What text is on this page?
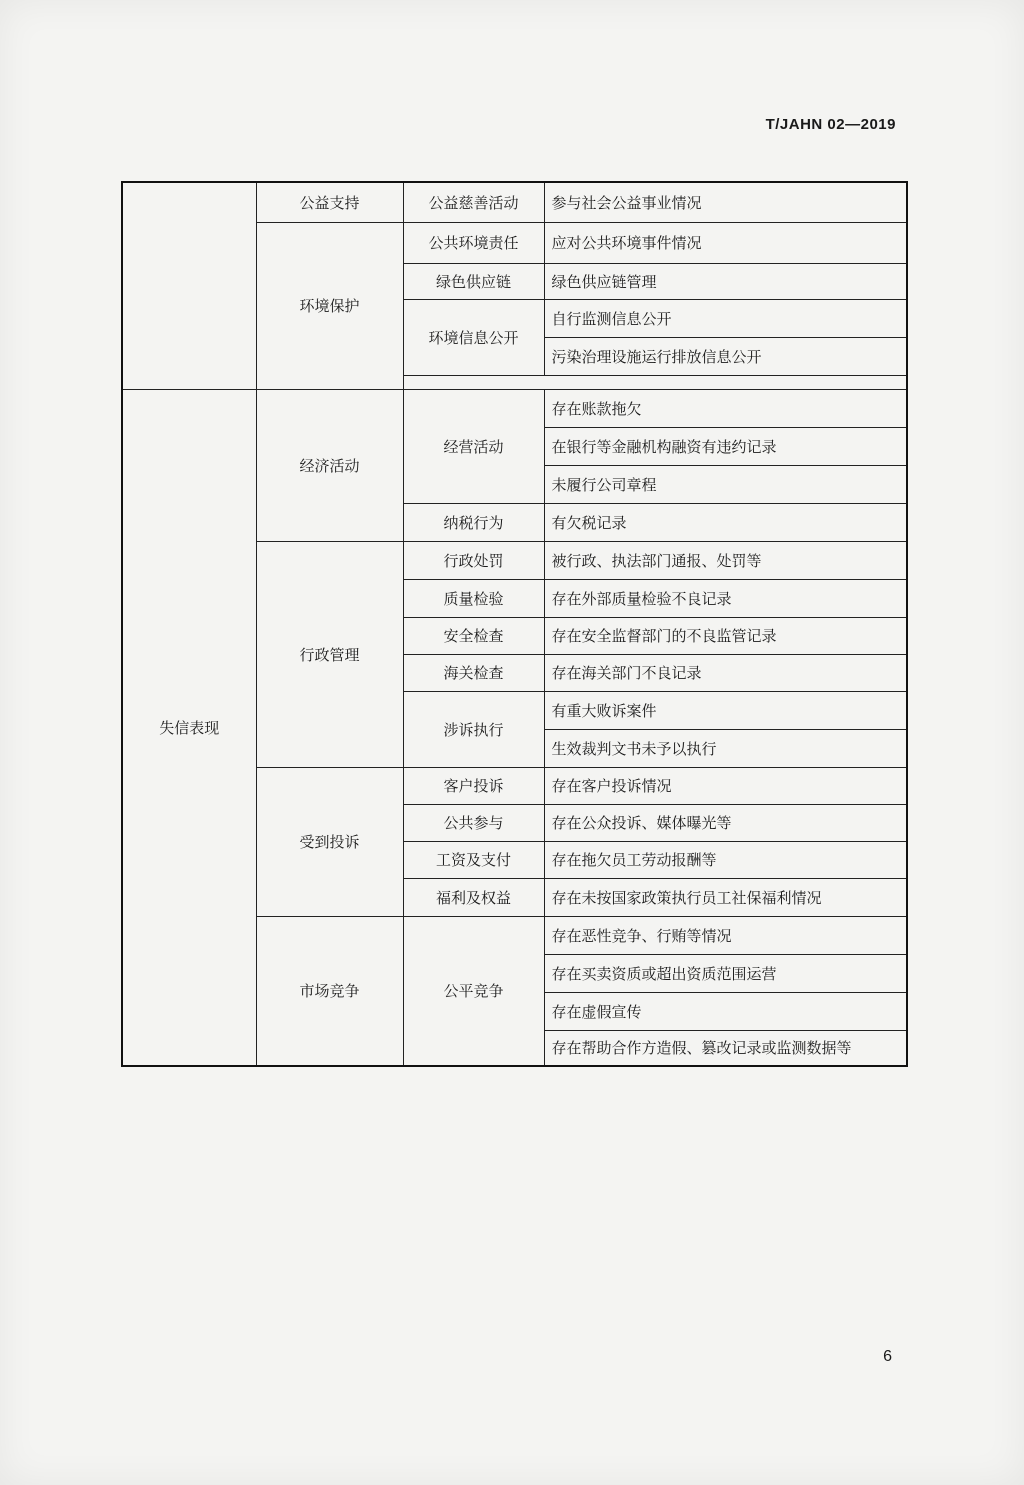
T/JAHN 02—2019
	公益支持	公益慈善活动	参与社会公益事业情况
	环境保护	公共环境责任	应对公共环境事件情况
		绿色供应链	绿色供应链管理
		环境信息公开	自行监测信息公开
			污染治理设施运行排放信息公开

失信表现	经济活动	经营活动	存在账款拖欠
			在银行等金融机构融资有违约记录
			未履行公司章程
		纳税行为	有欠税记录
	行政管理	行政处罚	被行政、执法部门通报、处罚等
		质量检验	存在外部质量检验不良记录
		安全检查	存在安全监督部门的不良监管记录
		海关检查	存在海关部门不良记录
		涉诉执行	有重大败诉案件
			生效裁判文书未予以执行
	受到投诉	客户投诉	存在客户投诉情况
		公共参与	存在公众投诉、媒体曝光等
		工资及支付	存在拖欠员工劳动报酬等
		福利及权益	存在未按国家政策执行员工社保福利情况
	市场竞争	公平竞争	存在恶性竞争、行贿等情况
			存在买卖资质或超出资质范围运营
			存在虚假宣传
			存在帮助合作方造假、篡改记录或监测数据等
6
